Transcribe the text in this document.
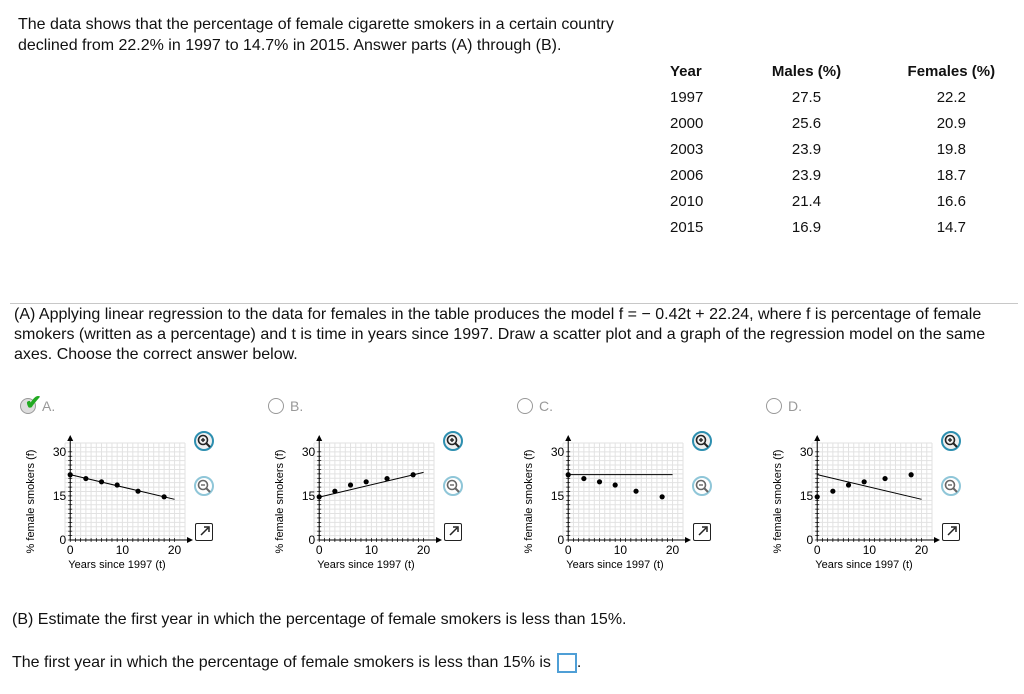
The data shows that the percentage of female cigarette smokers in a certain country declined from 22.2% in 1997 to 14.7% in 2015. Answer parts (A) through (B).
Year	Males (%)	Females (%)
1997	27.5	22.2
2000	25.6	20.9
2003	23.9	19.8
2006	23.9	18.7
2010	21.4	16.6
2015	16.9	14.7
(A) Applying linear regression to the data for females in the table produces the model f = − 0.42t + 22.24, where f is percentage of female smokers (written as a percentage) and t is time in years since 1997. Draw a scatter plot and a graph of the regression model on the same axes. Choose the correct answer below.
✔ A.	B.	C.	D.
0	10	20
0
15
30
Years since 1997 (t)
% female smokers (f)	0	10	20
0
15
30
Years since 1997 (t)
% female smokers (f)	0	10	20
0
15
30
Years since 1997 (t)
% female smokers (f)	0	10	20
0
15
30
Years since 1997 (t)
% female smokers (f)
(B) Estimate the first year in which the percentage of female smokers is less than 15%.
The first year in which the percentage of female smokers is less than 15% is .
